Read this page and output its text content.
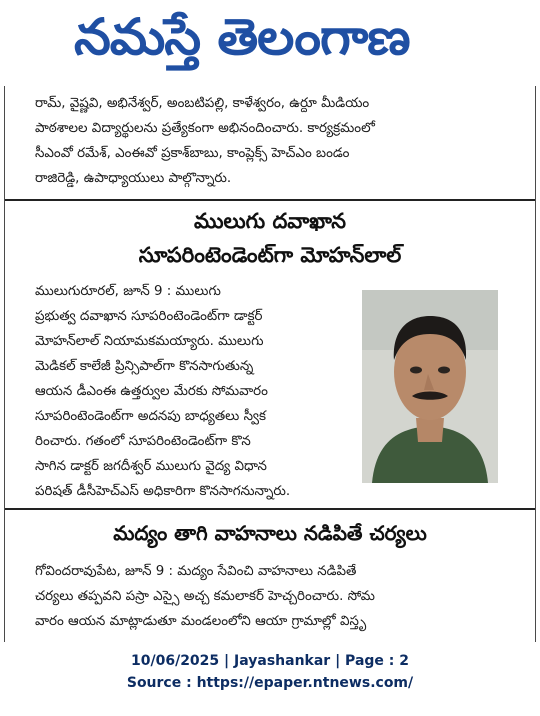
నమస్తే తెలంగాణ
రామ్, వైష్ణవి, అభినేశ్వర్, అంబటిపల్లి, కాళేశ్వరం, ఉర్దూ మీడియం
పాఠశాలల విద్యార్థులను ప్రత్యేకంగా అభినందించారు. కార్యక్రమంలో
సీఎంవో రమేశ్, ఎంఈవో ప్రకాశ్‌బాబు, కాంప్లెక్స్ హెచ్ఎం బండం
రాజిరెడ్డి, ఉపాధ్యాయులు పాల్గొన్నారు.
ములుగు దవాఖాన
సూపరింటెండెంట్‌గా మోహన్‌లాల్
ములుగురూరల్, జూన్ 9 : ములుగు
ప్రభుత్వ దవాఖాన సూపరింటెండెంట్‌గా డాక్టర్
మోహన్‌లాల్ నియామకమయ్యారు. ములుగు
మెడికల్ కాలేజీ ప్రిన్సిపాల్‌గా కొనసాగుతున్న
ఆయన డీఎంఈ ఉత్తర్వుల మేరకు సోమవారం
సూపరింటెండెంట్‌గా అదనపు బాధ్యతలు స్వీక
రించారు. గతంలో సూపరింటెండెంట్‌గా కొన
సాగిన డాక్టర్ జగదీశ్వర్ ములుగు వైద్య విధాన
పరిషత్ డీసీహెచ్ఎస్ అధికారిగా కొనసాగనున్నారు.
మద్యం తాగి వాహనాలు నడిపితే చర్యలు
గోవిందరావుపేట, జూన్ 9 : మద్యం సేవించి వాహనాలు నడిపితే
చర్యలు తప్పవని పస్రా ఎస్సై అచ్చ కమలాకర్ హెచ్చరించారు. సోమ
వారం ఆయన మాట్లాడుతూ మండలంలోని ఆయా గ్రామాల్లో విస్తృ
10/06/2025 | Jayashankar | Page : 2
Source : https://epaper.ntnews.com/
